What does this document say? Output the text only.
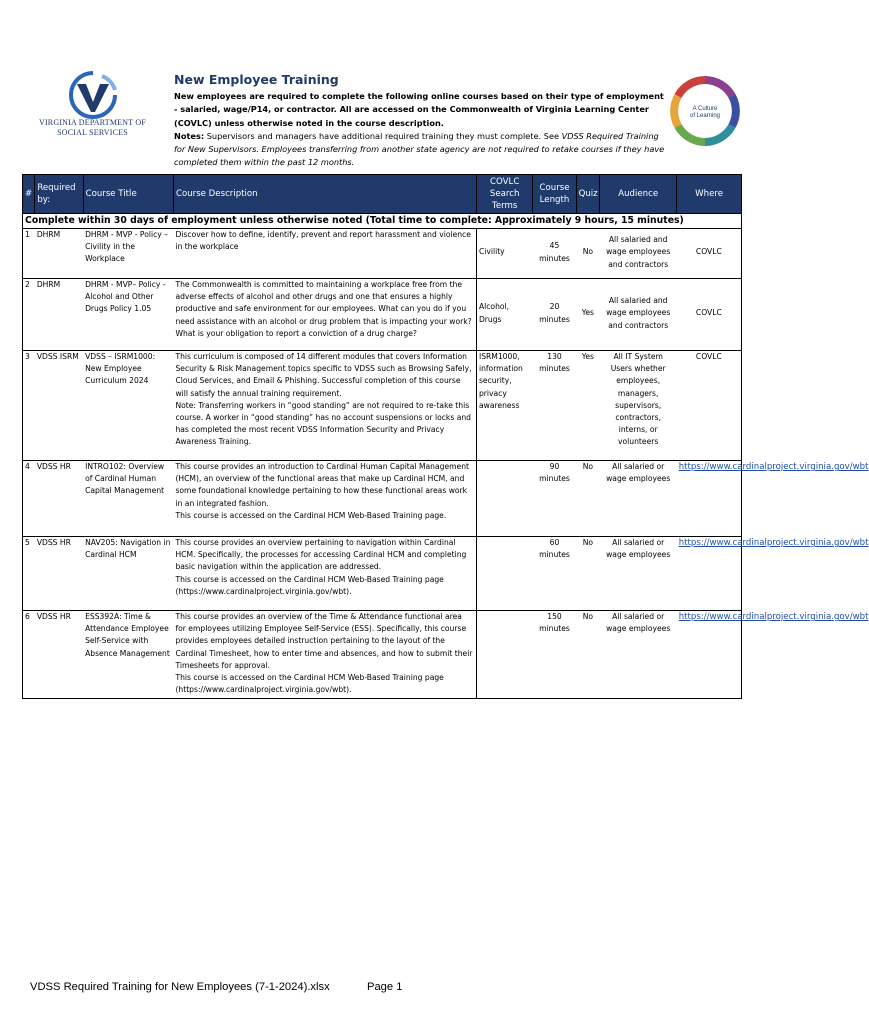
VIRGINIA DEPARTMENT OF
SOCIAL SERVICES
A Culture
of Learning
New Employee Training

New employees are required to complete the following online courses based on their type of employment - salaried, wage/P14, or contractor. All are accessed on the Commonwealth of Virginia Learning Center (COVLC) unless otherwise noted in the course description.

Notes: Supervisors and managers have additional required training they must complete. See VDSS Required Training for New Supervisors. Employees transferring from another state agency are not required to retake courses if they have completed them within the past 12 months.

#	Required by:	Course Title	Course Description	COVLC Search Terms	Course Length	Quiz	Audience	Where
Complete within 30 days of employment unless otherwise noted (Total time to complete: Approximately 9 hours, 15 minutes)								
1	DHRM	DHRM - MVP - Policy – Civility in the Workplace	Discover how to define, identify, prevent and report harassment and violence in the workplace	Civility	45 minutes	No	All salaried and wage employees and contractors	COVLC
2	DHRM	DHRM - MVP– Policy - Alcohol and Other Drugs Policy 1.05	The Commonwealth is committed to maintaining a workplace free from the adverse effects of alcohol and other drugs and one that ensures a highly productive and safe environment for our employees. What can you do if you need assistance with an alcohol or drug problem that is impacting your work? What is your obligation to report a conviction of a drug charge?	Alcohol, Drugs	20 minutes	Yes	All salaried and wage employees and contractors	COVLC
3	VDSS ISRM	VDSS – ISRM1000: New Employee Curriculum 2024	This curriculum is composed of 14 different modules that covers Information Security & Risk Management topics specific to VDSS such as Browsing Safely, Cloud Services, and Email & Phishing. Successful completion of this course will satisfy the annual training requirement.
Note: Transferring workers in “good standing” are not required to re-take this course. A worker in “good standing” has no account suspensions or locks and has completed the most recent VDSS Information Security and Privacy Awareness Training.	ISRM1000, information security, privacy awareness	130 minutes	Yes	All IT System Users whether employees, managers, supervisors, contractors, interns, or volunteers	COVLC
4	VDSS HR	INTRO102: Overview of Cardinal Human Capital Management	This course provides an introduction to Cardinal Human Capital Management (HCM), an overview of the functional areas that make up Cardinal HCM, and some foundational knowledge pertaining to how these functional areas work in an integrated fashion.
This course is accessed on the Cardinal HCM Web-Based Training page.		90 minutes	No	All salaried or wage employees	https://www.cardinalproject.virginia.gov/wbt

5	VDSS HR	NAV205: Navigation in Cardinal HCM	This course provides an overview pertaining to navigation within Cardinal HCM. Specifically, the processes for accessing Cardinal HCM and completing basic navigation within the application are addressed.
This course is accessed on the Cardinal HCM Web-Based Training page (https://www.cardinalproject.virginia.gov/wbt).		60 minutes	No	All salaried or wage employees	https://www.cardinalproject.virginia.gov/wbt

6	VDSS HR	ESS392A: Time & Attendance Employee Self-Service with Absence Management	This course provides an overview of the Time & Attendance functional area for employees utilizing Employee Self-Service (ESS). Specifically, this course provides employees detailed instruction pertaining to the layout of the Cardinal Timesheet, how to enter time and absences, and how to submit their Timesheets for approval.
This course is accessed on the Cardinal HCM Web-Based Training page (https://www.cardinalproject.virginia.gov/wbt).		150 minutes	No	All salaried or wage employees	https://www.cardinalproject.virginia.gov/wbt
VDSS Required Training for New Employees (7-1-2024).xlsx	Page 1
